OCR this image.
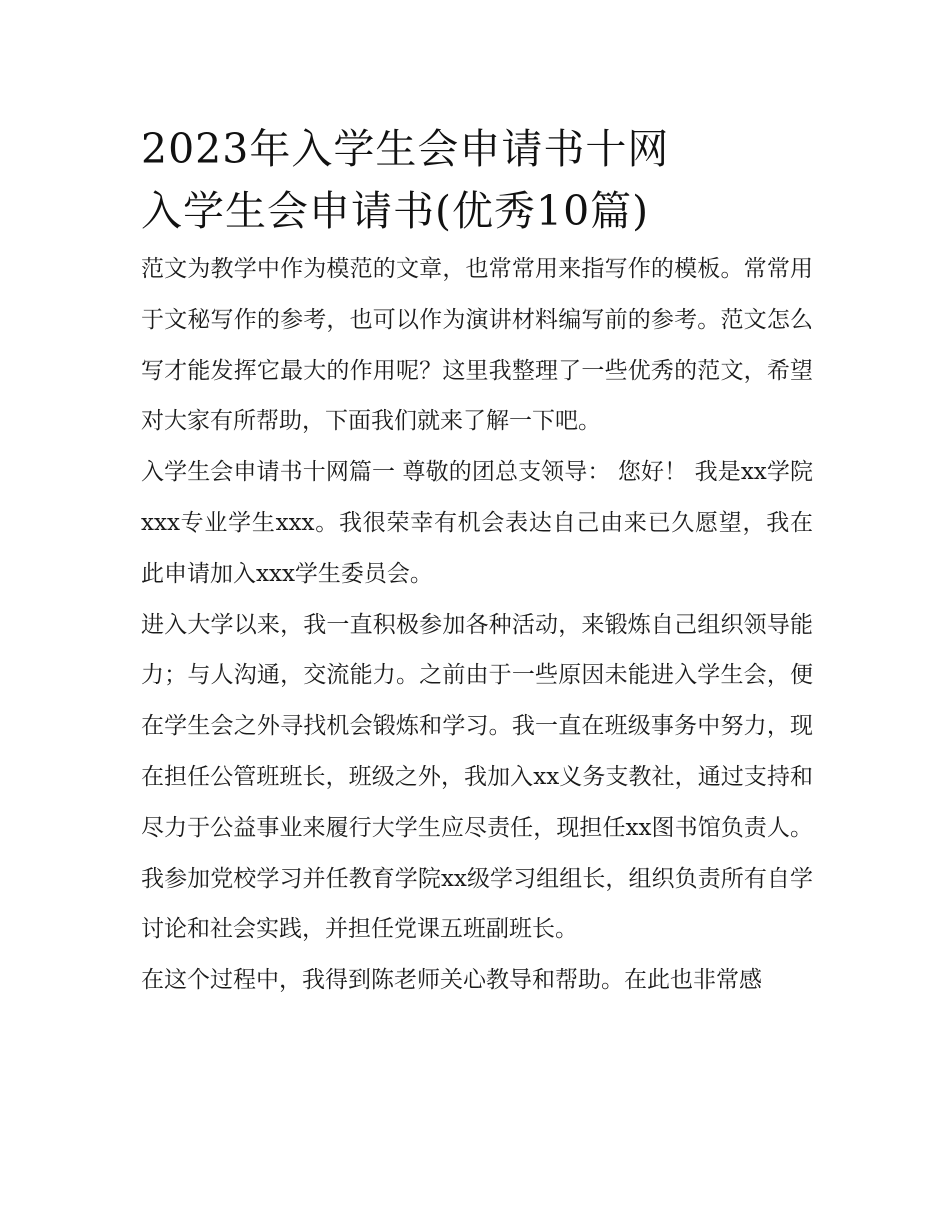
2023年入学生会申请书十网
入学生会申请书(优秀10篇)

范文为教学中作为模范的文章，也常常用来指写作的模板。常常用于文秘写作的参考，也可以作为演讲材料编写前的参考。范文怎么写才能发挥它最大的作用呢？这里我整理了一些优秀的范文，希望对大家有所帮助，下面我们就来了解一下吧。

入学生会申请书十网篇一 尊敬的团总支领导： 您好！ 我是xx学院xxx专业学生xxx。我很荣幸有机会表达自己由来已久愿望，我在此申请加入xxx学生委员会。

进入大学以来，我一直积极参加各种活动，来锻炼自己组织领导能力；与人沟通，交流能力。之前由于一些原因未能进入学生会，便在学生会之外寻找机会锻炼和学习。我一直在班级事务中努力，现在担任公管班班长，班级之外，我加入xx义务支教社，通过支持和尽力于公益事业来履行大学生应尽责任，现担任xx图书馆负责人。我参加党校学习并任教育学院xx级学习组组长，组织负责所有自学讨论和社会实践，并担任党课五班副班长。

在这个过程中，我得到陈老师关心教导和帮助。在此也非常感
